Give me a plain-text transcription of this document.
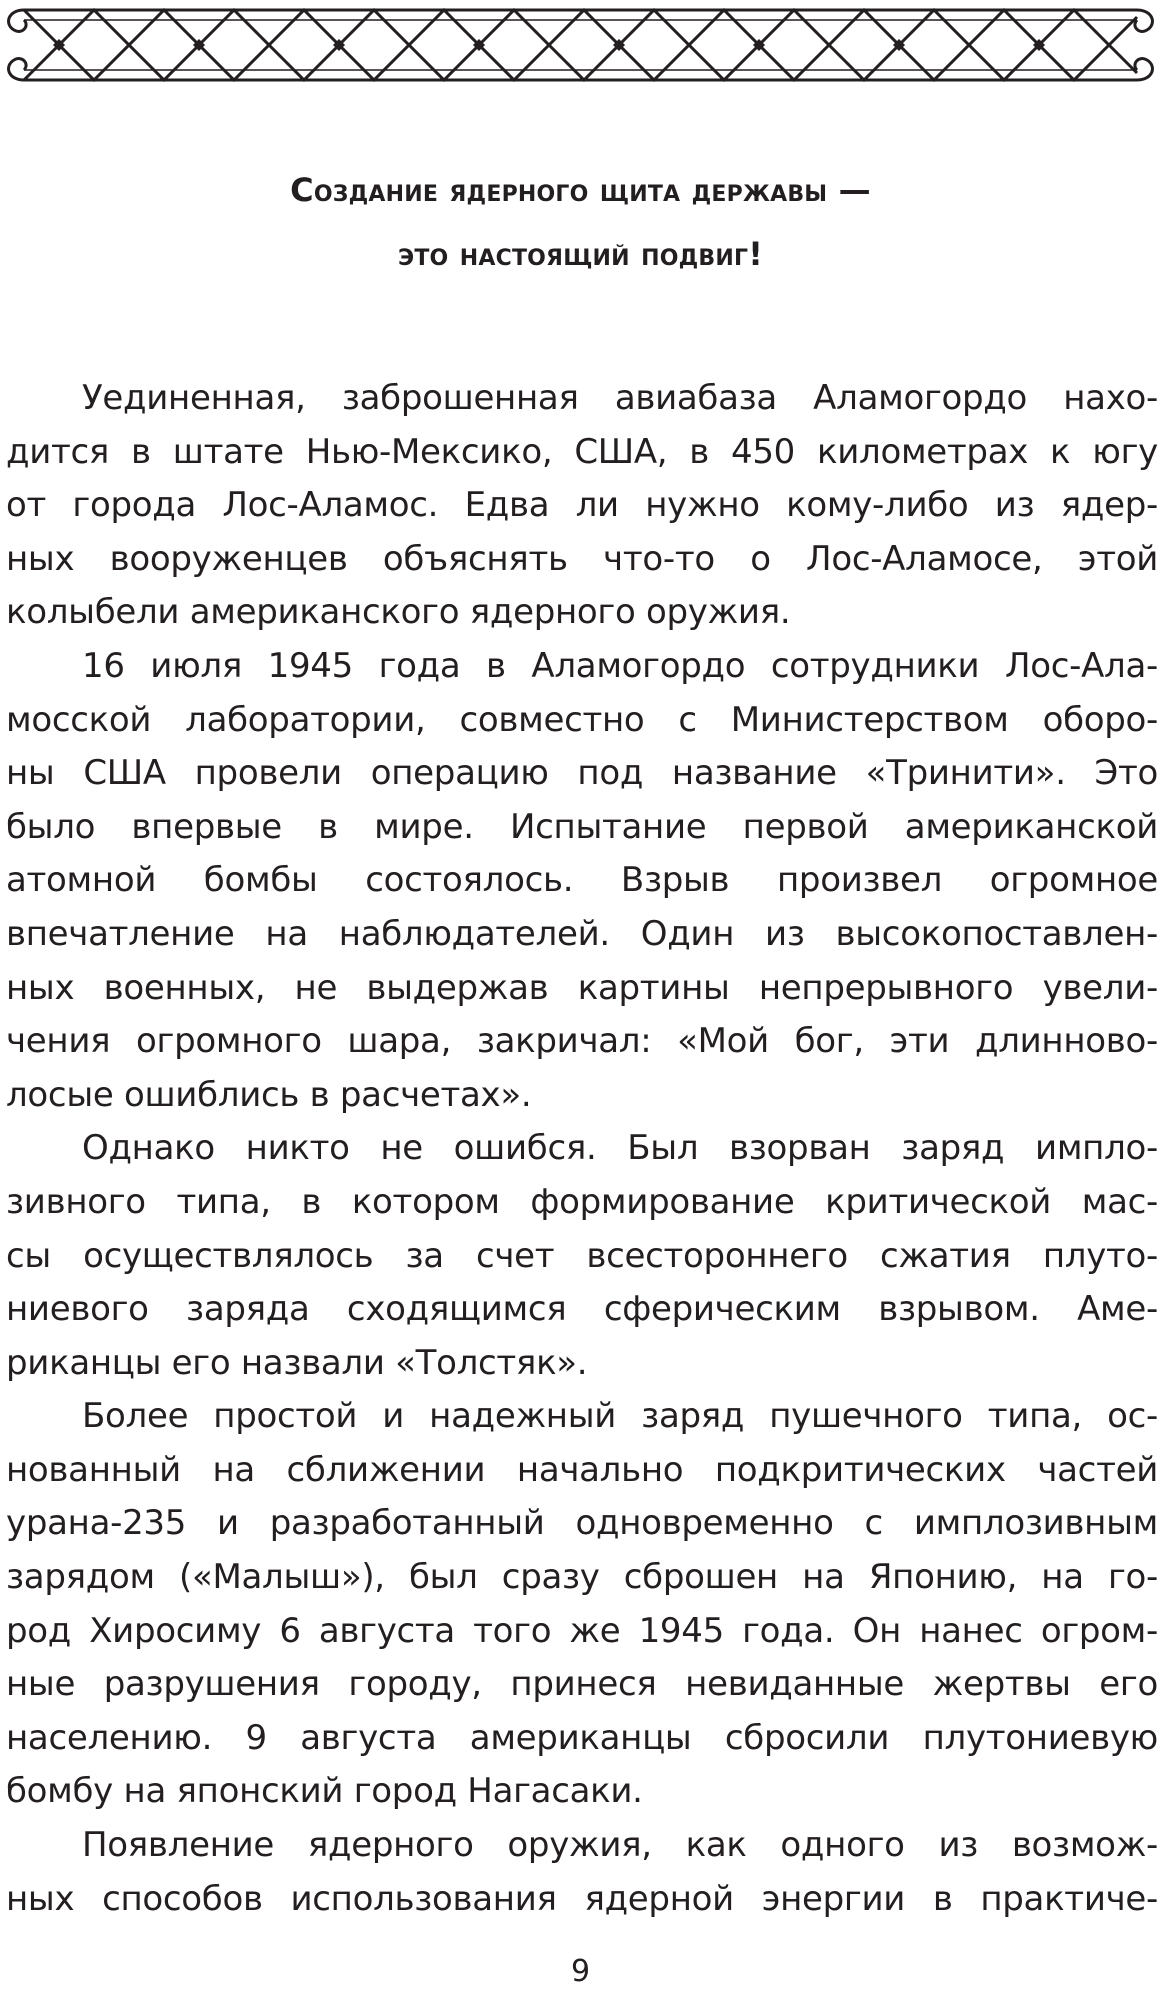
Создание ядерного щита державы —
это настоящий подвиг!
Уединенная, заброшенная авиабаза Аламогордо нахо-
дится в штате Нью-Мексико, США, в 450 километрах к югу
от города Лос-Аламос. Едва ли нужно кому-либо из ядер-
ных вооруженцев объяснять что-то о Лос-Аламосе, этой
колыбели американского ядерного оружия.
16 июля 1945 года в Аламогордо сотрудники Лос-Ала-
мосской лаборатории, совместно с Министерством оборо-
ны США провели операцию под название «Тринити». Это
было впервые в мире. Испытание первой американской
атомной бомбы состоялось. Взрыв произвел огромное
впечатление на наблюдателей. Один из высокопоставлен-
ных военных, не выдержав картины непрерывного увели-
чения огромного шара, закричал: «Мой бог, эти длинново-
лосые ошиблись в расчетах».
Однако никто не ошибся. Был взорван заряд импло-
зивного типа, в котором формирование критической мас-
сы осуществлялось за счет всестороннего сжатия плуто-
ниевого заряда сходящимся сферическим взрывом. Аме-
риканцы его назвали «Толстяк».
Более простой и надежный заряд пушечного типа, ос-
нованный на сближении начально подкритических частей
урана-235 и разработанный одновременно с имплозивным
зарядом («Малыш»), был сразу сброшен на Японию, на го-
род Хиросиму 6 августа того же 1945 года. Он нанес огром-
ные разрушения городу, принеся невиданные жертвы его
населению. 9 августа американцы сбросили плутониевую
бомбу на японский город Нагасаки.
Появление ядерного оружия, как одного из возмож-
ных способов использования ядерной энергии в практиче-
9
